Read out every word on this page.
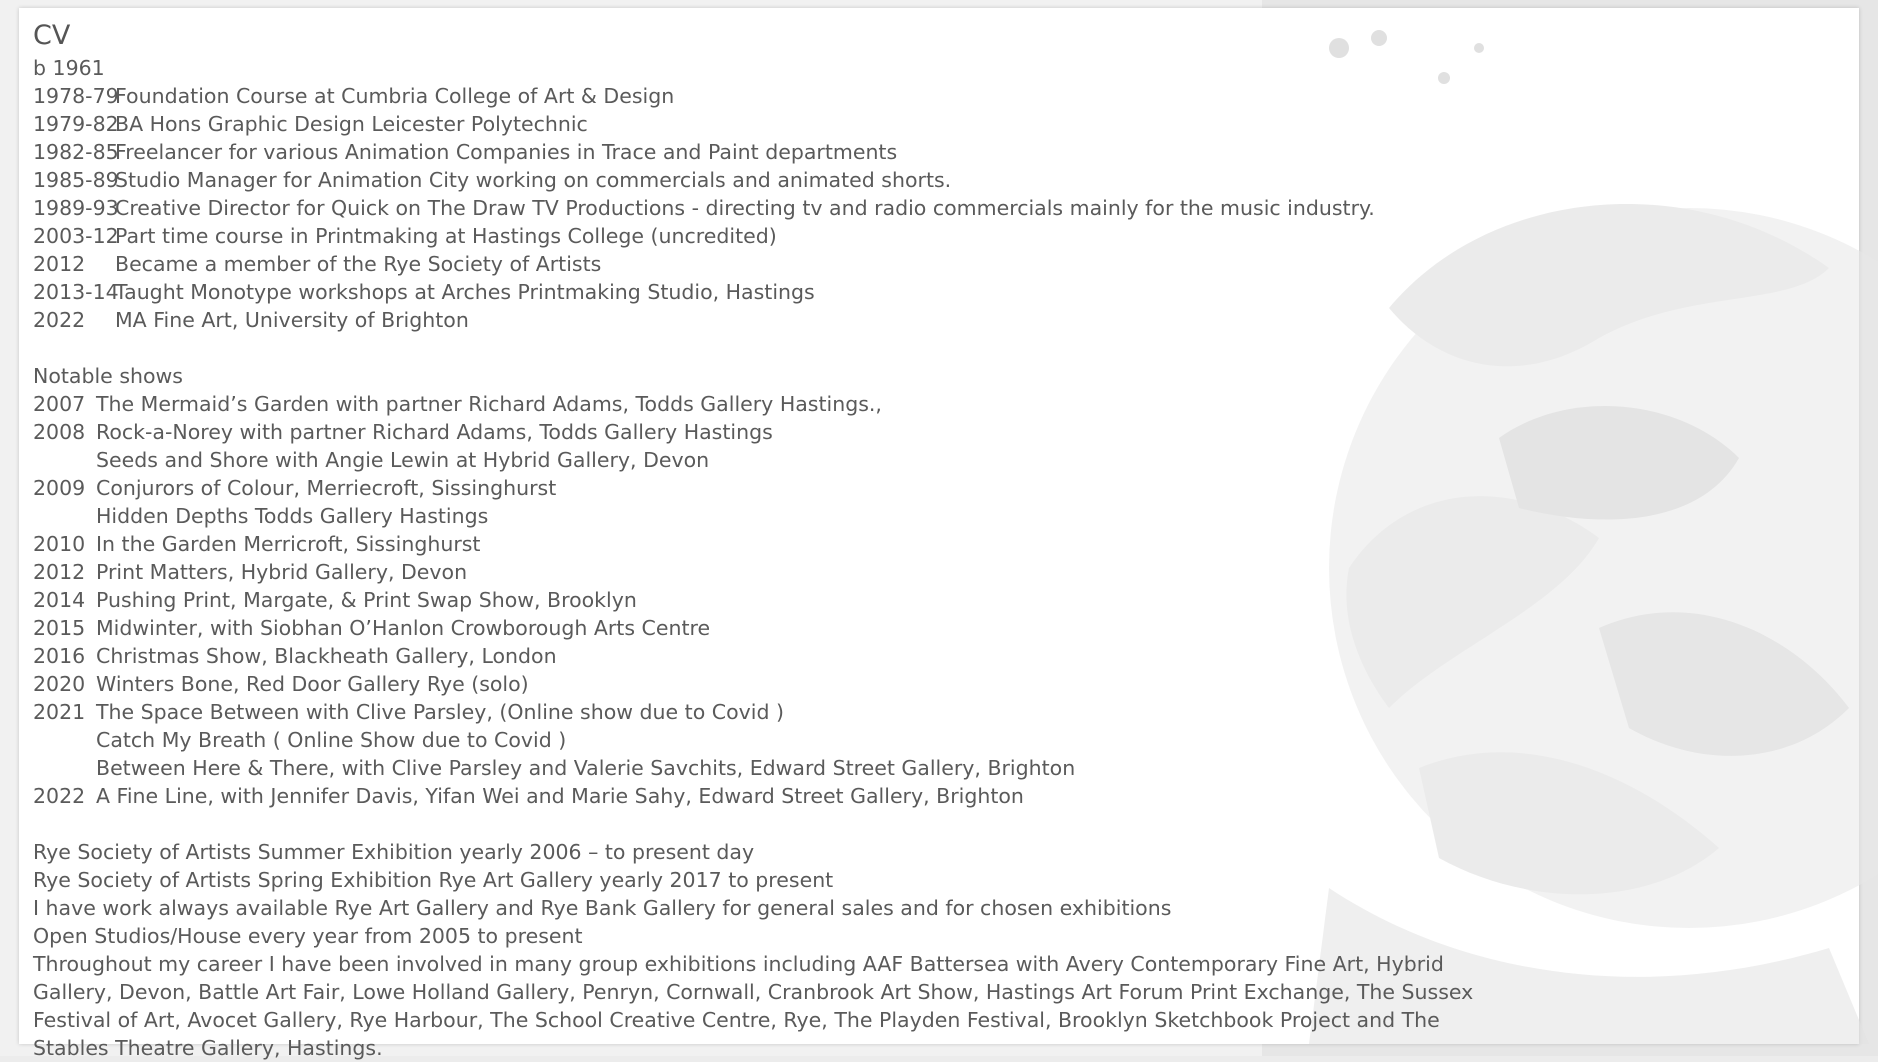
CV
b 1961
1978-79
Foundation Course at Cumbria College of Art & Design
1979-82
BA Hons Graphic Design Leicester Polytechnic
1982-85
Freelancer for various Animation Companies in Trace and Paint departments
1985-89
Studio Manager for Animation City working on commercials and animated shorts.
1989-93
Creative Director for Quick on The Draw TV Productions - directing tv and radio commercials mainly for the music industry.
2003-12
Part time course in Printmaking at Hastings College (uncredited)
2012	Became a member of the Rye Society of Artists
2013-14
Taught Monotype workshops at Arches Printmaking Studio, Hastings
2022	MA Fine Art, University of Brighton
Notable shows
2007 The Mermaid’s Garden with partner Richard Adams, Todds Gallery Hastings.,
2008 Rock-a-Norey with partner Richard Adams, Todds Gallery Hastings
Seeds and Shore with Angie Lewin at Hybrid Gallery, Devon
2009 Conjurors of Colour, Merriecroft, Sissinghurst
Hidden Depths Todds Gallery Hastings
2010 In the Garden Merricroft, Sissinghurst
2012 Print Matters, Hybrid Gallery, Devon
2014 Pushing Print, Margate, & Print Swap Show, Brooklyn
2015 Midwinter, with Siobhan O’Hanlon Crowborough Arts Centre
2016 Christmas Show, Blackheath Gallery, London
2020 Winters Bone, Red Door Gallery Rye (solo)
2021 The Space Between with Clive Parsley, (Online show due to Covid )
Catch My Breath ( Online Show due to Covid )
Between Here & There, with Clive Parsley and Valerie Savchits, Edward Street Gallery, Brighton
2022 A Fine Line, with Jennifer Davis, Yifan Wei and Marie Sahy, Edward Street Gallery, Brighton
Rye Society of Artists Summer Exhibition yearly 2006 – to present day
Rye Society of Artists Spring Exhibition Rye Art Gallery yearly 2017 to present
I have work always available Rye Art Gallery and Rye Bank Gallery for general sales and for chosen exhibitions
Open Studios/House every year from 2005 to present
Throughout my career I have been involved in many group exhibitions including AAF Battersea with Avery Contemporary Fine Art, Hybrid Gallery, Devon, Battle Art Fair, Lowe Holland Gallery, Penryn, Cornwall, Cranbrook Art Show, Hastings Art Forum Print Exchange, The Sussex Festival of Art, Avocet Gallery, Rye Harbour, The School Creative Centre, Rye, The Playden Festival, Brooklyn Sketchbook Project and The Stables Theatre Gallery, Hastings.
